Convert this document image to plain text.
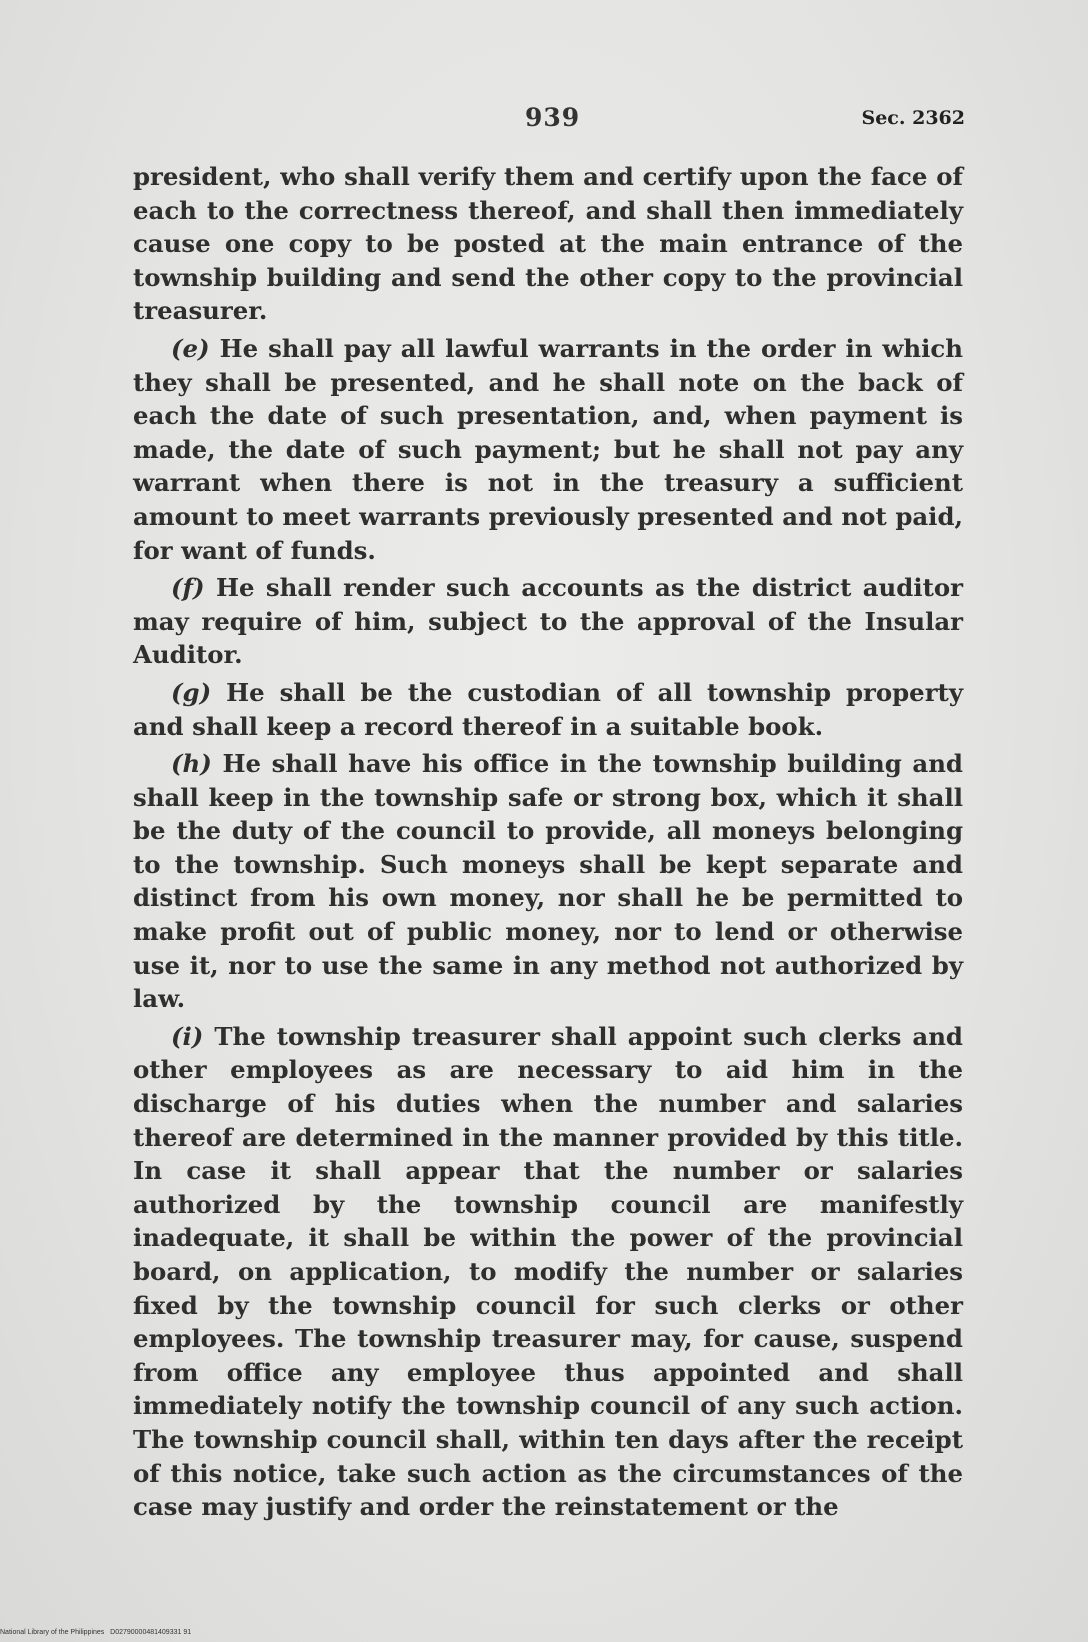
939	Sec. 2362

president, who shall verify them and certify upon the face of each to the correctness thereof, and shall then immediately cause one copy to be posted at the main entrance of the township building and send the other copy to the provincial treasurer.

(e) He shall pay all lawful warrants in the order in which they shall be presented, and he shall note on the back of each the date of such presentation, and, when payment is made, the date of such payment; but he shall not pay any warrant when there is not in the treasury a sufficient amount to meet warrants previously presented and not paid, for want of funds.

(f) He shall render such accounts as the district auditor may require of him, subject to the approval of the Insular Auditor.

(g) He shall be the custodian of all township property and shall keep a record thereof in a suitable book.

(h) He shall have his office in the township building and shall keep in the township safe or strong box, which it shall be the duty of the council to provide, all moneys belonging to the township. Such moneys shall be kept separate and distinct from his own money, nor shall he be permitted to make profit out of public money, nor to lend or otherwise use it, nor to use the same in any method not authorized by law.

(i) The township treasurer shall appoint such clerks and other employees as are necessary to aid him in the discharge of his duties when the number and salaries thereof are determined in the manner provided by this title. In case it shall appear that the number or salaries authorized by the township council are manifestly inadequate, it shall be within the power of the provincial board, on application, to modify the number or salaries fixed by the township council for such clerks or other employees. The township treasurer may, for cause, suspend from office any employee thus appointed and shall immediately notify the township council of any such action. The township council shall, within ten days after the receipt of this notice, take such action as the circumstances of the case may justify and order the reinstatement or the

National Library of the Philippines D02790000481409331 91
